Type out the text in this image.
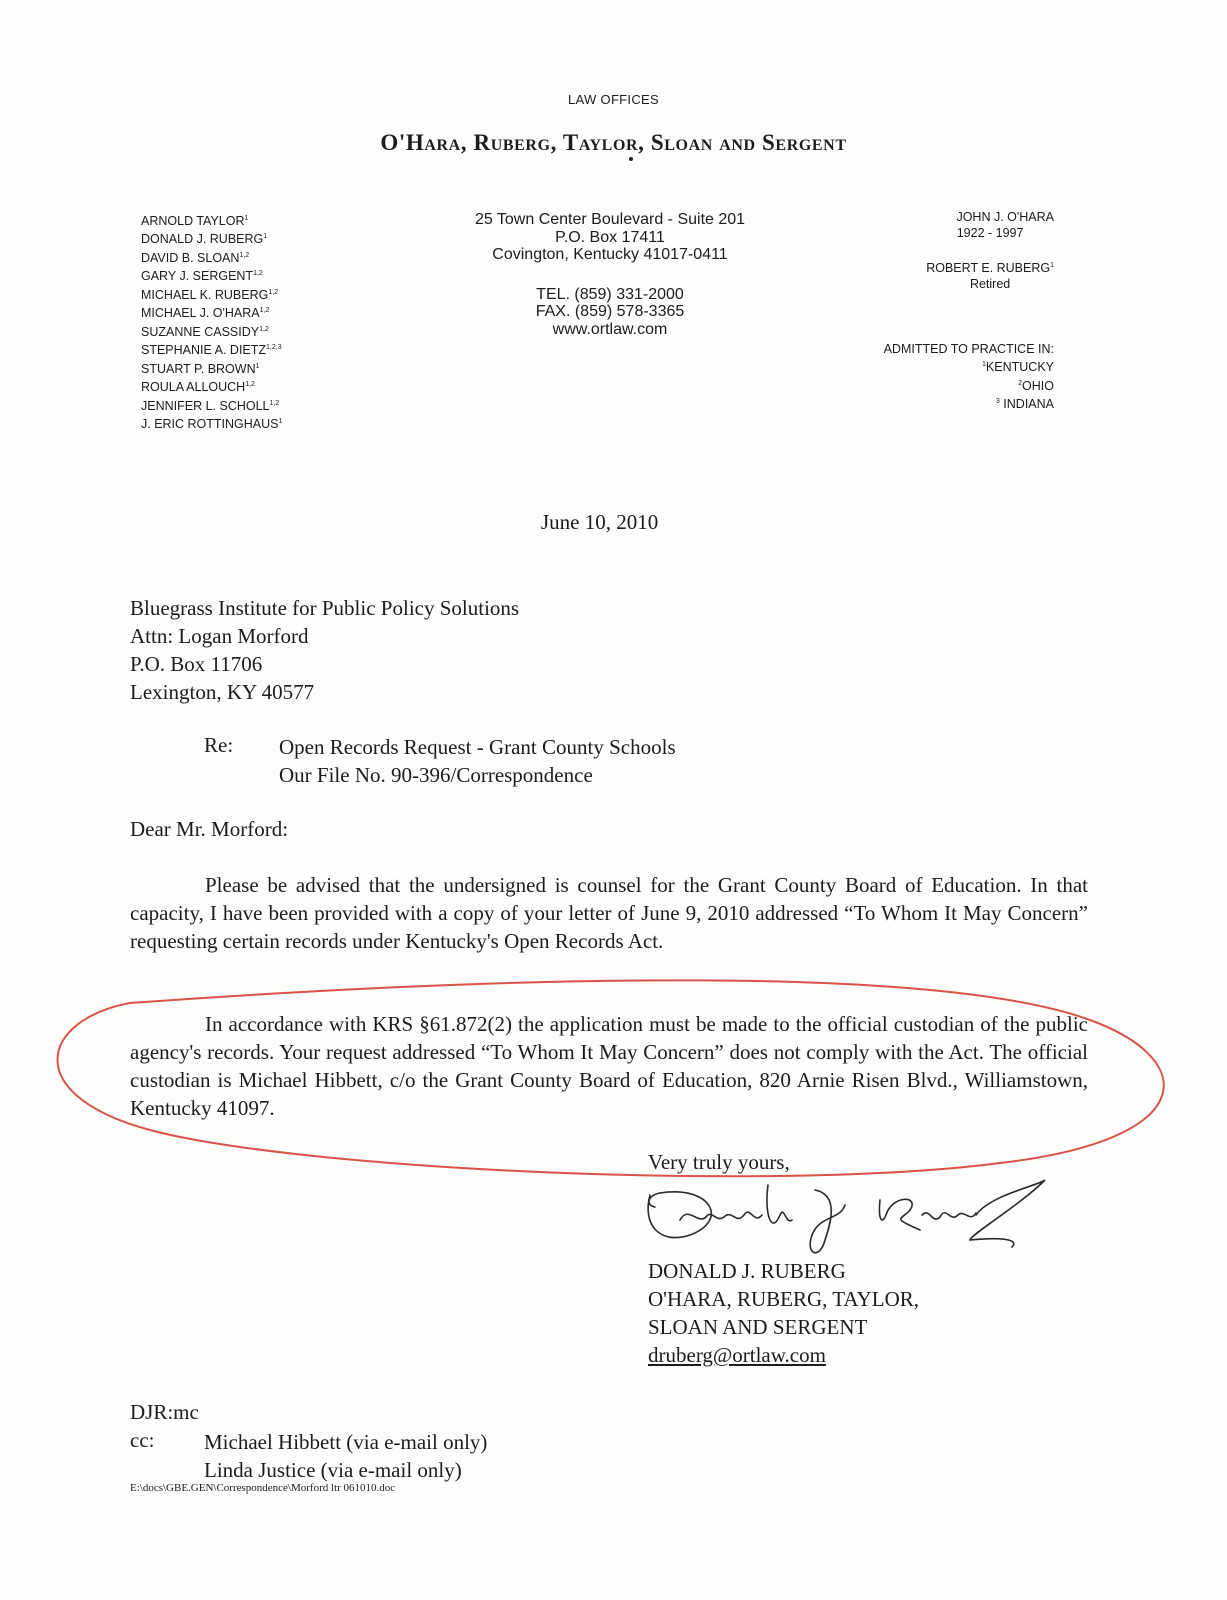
LAW OFFICES
O'Hara, Ruberg, Taylor, Sloan and Sergent
ARNOLD TAYLOR$^1$
DONALD J. RUBERG$^1$
DAVID B. SLOAN$^{1,2}$
GARY J. SERGENT$^{1,2}$
MICHAEL K. RUBERG$^{1,2}$
MICHAEL J. O'HARA$^{1,2}$
SUZANNE CASSIDY$^{1,2}$
STEPHANIE A. DIETZ$^{1,2,3}$
STUART P. BROWN$^1$
ROULA ALLOUCH$^{1,2}$
JENNIFER L. SCHOLL$^{1,2}$
J. ERIC ROTTINGHAUS$^1$
25 Town Center Boulevard - Suite 201
P.O. Box 17411
Covington, Kentucky 41017-0411
TEL. (859) 331-2000
FAX. (859) 578-3365
www.ortlaw.com
JOHN J. O'HARA
1922 - 1997
ROBERT E. RUBERG$^1$
Retired
ADMITTED TO PRACTICE IN:
$^1$KENTUCKY
$^2$OHIO
$^3$ INDIANA
June 10, 2010
Bluegrass Institute for Public Policy Solutions
Attn: Logan Morford
P.O. Box 11706
Lexington, KY 40577
Re: Open Records Request - Grant County Schools
Our File No. 90-396/Correspondence
Dear Mr. Morford:
Please be advised that the undersigned is counsel for the Grant County Board of Education. In that capacity, I have been provided with a copy of your letter of June 9, 2010 addressed “To Whom It May Concern” requesting certain records under Kentucky's Open Records Act.
In accordance with KRS §61.872(2) the application must be made to the official custodian of the public agency's records. Your request addressed “To Whom It May Concern” does not comply with the Act. The official custodian is Michael Hibbett, c/o the Grant County Board of Education, 820 Arnie Risen Blvd., Williamstown, Kentucky 41097.
Very truly yours,
DONALD J. RUBERG
O'HARA, RUBERG, TAYLOR,
SLOAN AND SERGENT
druberg@ortlaw.com
DJR:mc
cc: Michael Hibbett (via e-mail only)
Linda Justice (via e-mail only)
E:\docs\GBE.GEN\Correspondence\Morford ltr 061010.doc
